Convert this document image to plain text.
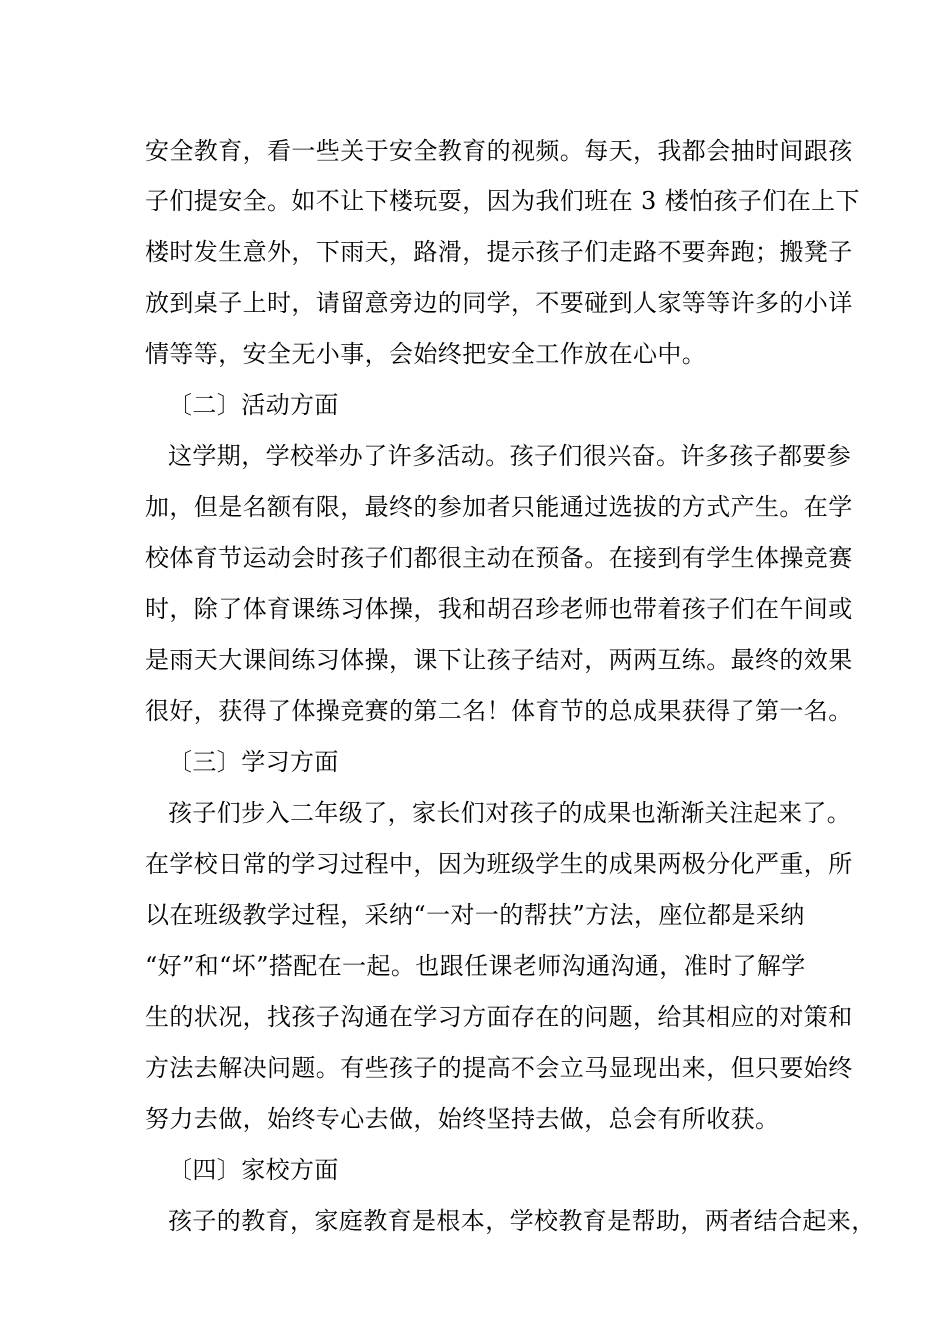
安全教育，看一些关于安全教育的视频。每天，我都会抽时间跟孩
子们提安全。如不让下楼玩耍，因为我们班在 3 楼怕孩子们在上下
楼时发生意外，下雨天，路滑，提示孩子们走路不要奔跑；搬凳子
放到桌子上时，请留意旁边的同学，不要碰到人家等等许多的小详
情等等，安全无小事，会始终把安全工作放在心中。
〔二〕活动方面
这学期，学校举办了许多活动。孩子们很兴奋。许多孩子都要参
加，但是名额有限，最终的参加者只能通过选拔的方式产生。在学
校体育节运动会时孩子们都很主动在预备。在接到有学生体操竞赛
时，除了体育课练习体操，我和胡召珍老师也带着孩子们在午间或
是雨天大课间练习体操，课下让孩子结对，两两互练。最终的效果
很好，获得了体操竞赛的第二名！体育节的总成果获得了第一名。
〔三〕学习方面
孩子们步入二年级了，家长们对孩子的成果也渐渐关注起来了。
在学校日常的学习过程中，因为班级学生的成果两极分化严重，所
以在班级教学过程，采纳“一对一的帮扶”方法，座位都是采纳
“好”和“坏”搭配在一起。也跟任课老师沟通沟通，准时了解学
生的状况，找孩子沟通在学习方面存在的问题，给其相应的对策和
方法去解决问题。有些孩子的提高不会立马显现出来，但只要始终
努力去做，始终专心去做，始终坚持去做，总会有所收获。
〔四〕家校方面
孩子的教育，家庭教育是根本，学校教育是帮助，两者结合起来，
